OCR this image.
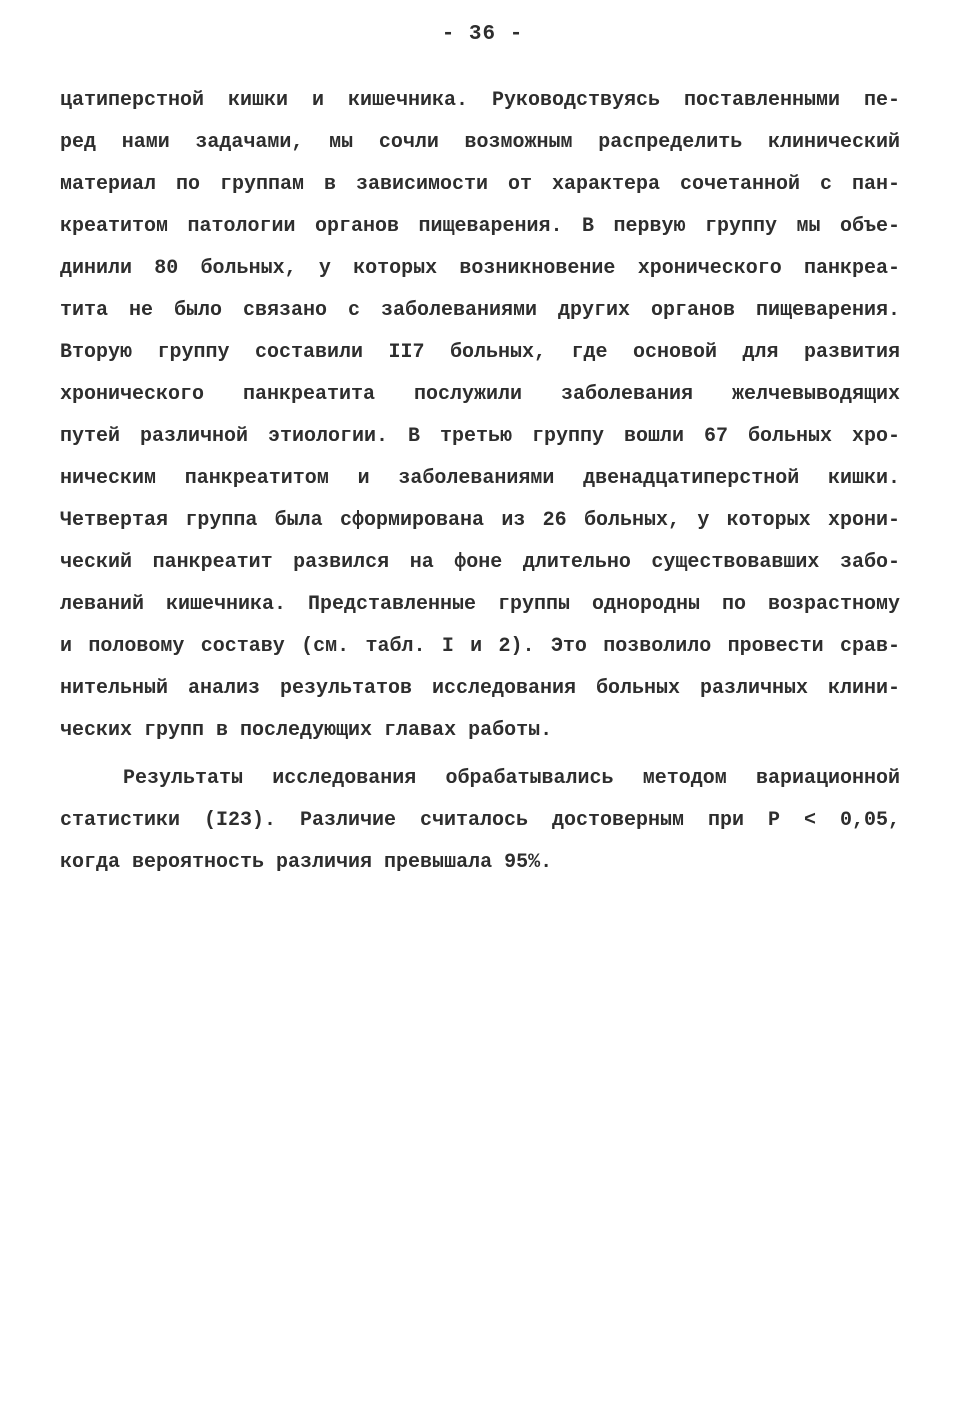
- 36 -
цатиперстной кишки и кишечника. Руководствуясь поставленными пе-
ред нами задачами, мы сочли возможным распределить клинический
материал по группам в зависимости от характера сочетанной с пан-
креатитом патологии органов пищеварения. В первую группу мы объе-
динили 80 больных, у которых возникновение хронического панкреа-
тита не было связано с заболеваниями других органов пищеварения.
Вторую группу составили II7 больных, где основой для развития
хронического панкреатита послужили заболевания желчевыводящих
путей различной этиологии. В третью группу вошли 67 больных хро-
ническим панкреатитом и заболеваниями двенадцатиперстной кишки.
Четвертая группа была сформирована из 26 больных, у которых хрони-
ческий панкреатит развился на фоне длительно существовавших забо-
леваний кишечника. Представленные группы однородны по возрастному
и половому составу (см. табл. I и 2). Это позволило провести срав-
нительный анализ результатов исследования больных различных клини-
ческих групп в последующих главах работы.
Результаты исследования обрабатывались методом вариационной
статистики (I23). Различие считалось достоверным при P < 0,05,
когда вероятность различия превышала 95%.
